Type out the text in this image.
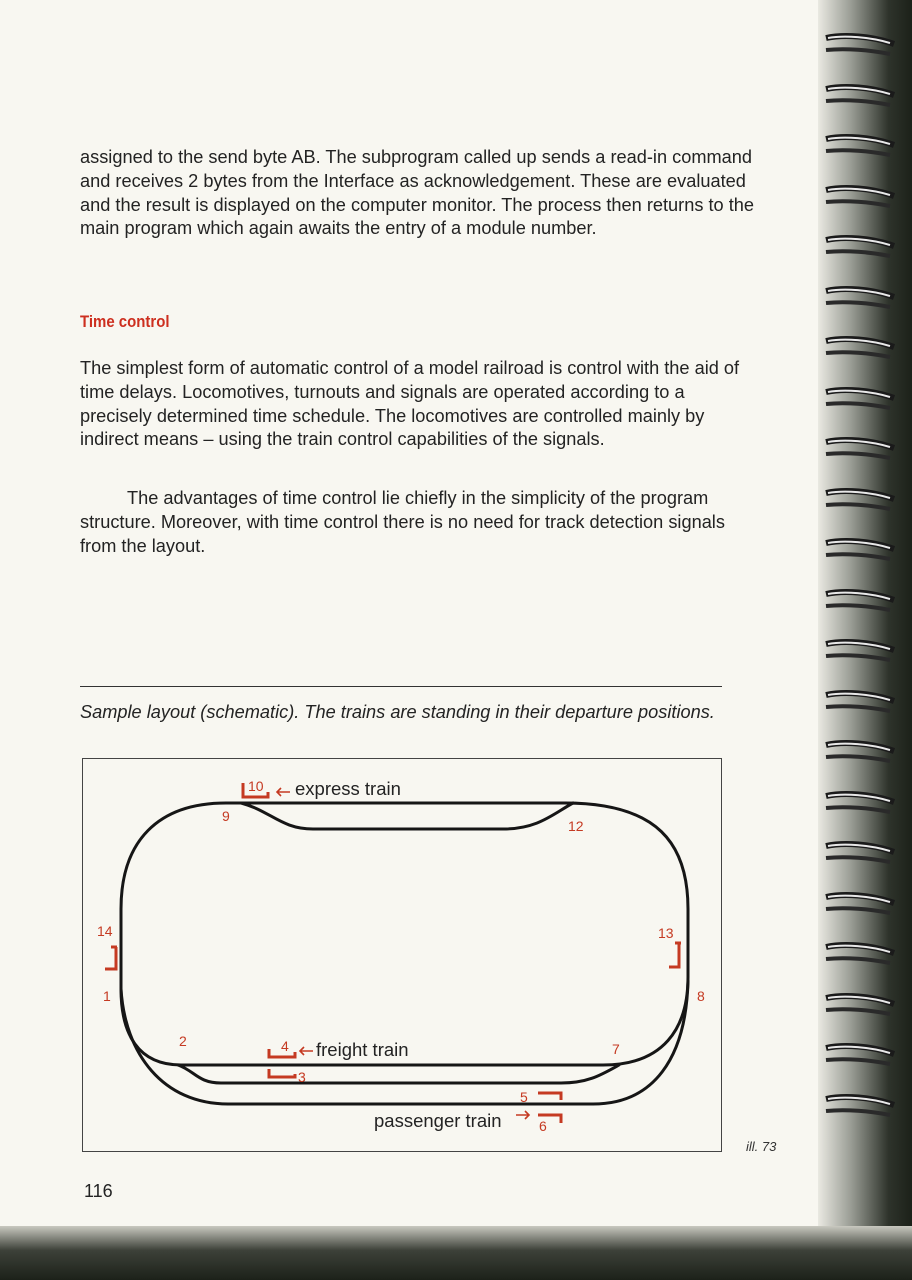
assigned to the send byte AB. The subprogram called up sends a read-in command and receives 2 bytes from the Interface as acknowledgement. These are evaluated and the result is displayed on the computer monitor. The process then returns to the main program which again awaits the entry of a module number.

Time control

The simplest form of automatic control of a model railroad is control with the aid of time delays. Locomotives, turnouts and signals are operated according to a precisely determined time schedule. The locomotives are controlled mainly by indirect means – using the train control capabilities of the signals.

The advantages of time control lie chiefly in the simplicity of the program structure. Moreover, with time control there is no need for track detection signals from the layout.

Sample layout (schematic). The trains are standing in their departure positions.

10
9
12
14	13
1	8
2	7
4
3
5
6
express train
freight train
passenger train
ill. 73
116
